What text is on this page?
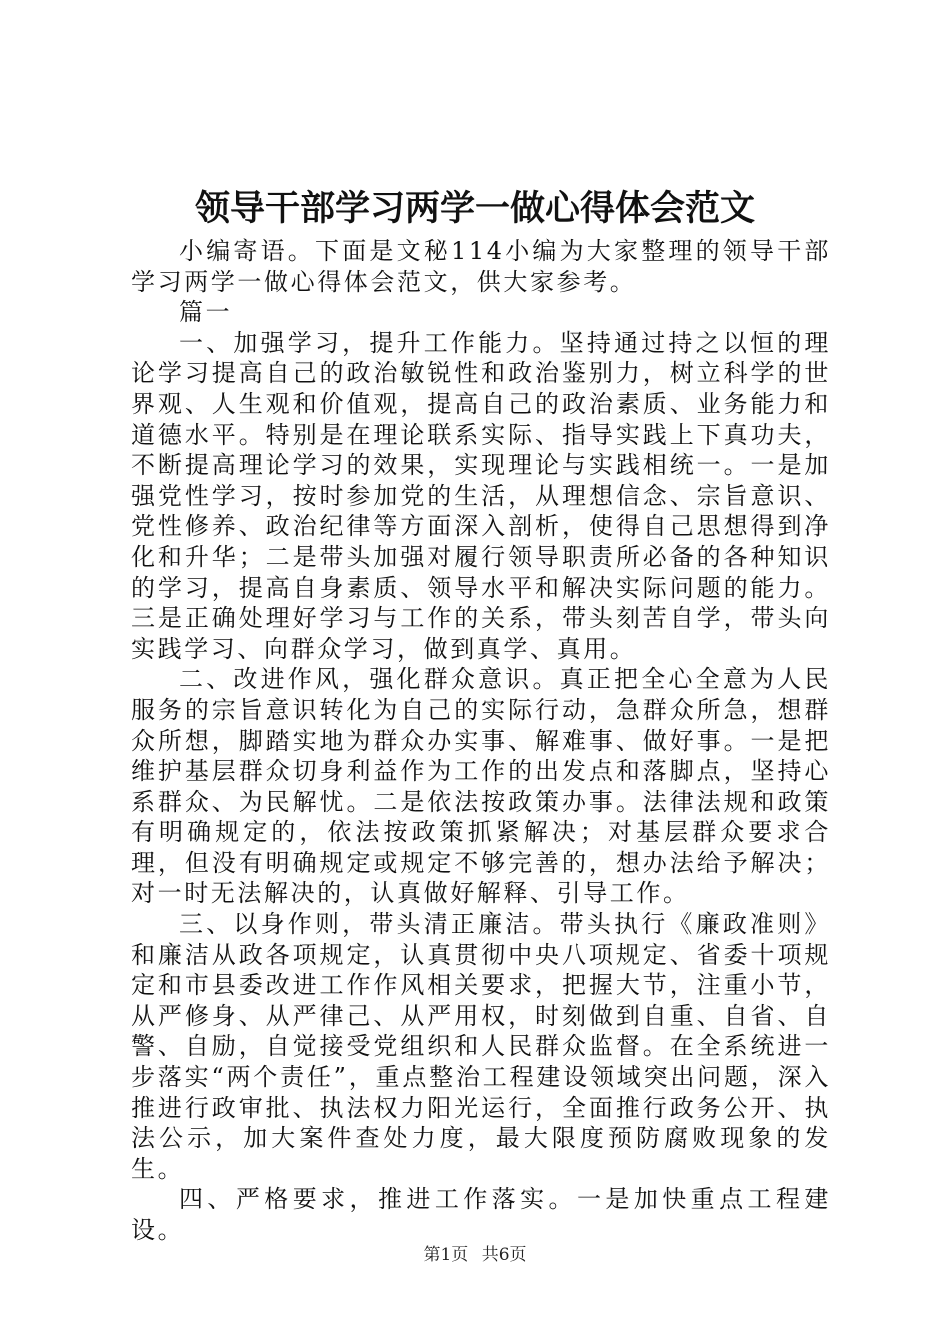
领导干部学习两学一做心得体会范文

小编寄语。下面是文秘114小编为大家整理的领导干部学习两学一做心得体会范文，供大家参考。

篇一

一、加强学习，提升工作能力。坚持通过持之以恒的理论学习提高自己的政治敏锐性和政治鉴别力，树立科学的世界观、人生观和价值观，提高自己的政治素质、业务能力和道德水平。特别是在理论联系实际、指导实践上下真功夫，不断提高理论学习的效果，实现理论与实践相统一。一是加强党性学习，按时参加党的生活，从理想信念、宗旨意识、党性修养、政治纪律等方面深入剖析，使得自己思想得到净化和升华；二是带头加强对履行领导职责所必备的各种知识的学习，提高自身素质、领导水平和解决实际问题的能力。三是正确处理好学习与工作的关系，带头刻苦自学，带头向实践学习、向群众学习，做到真学、真用。

二、改进作风，强化群众意识。真正把全心全意为人民服务的宗旨意识转化为自己的实际行动，急群众所急，想群众所想，脚踏实地为群众办实事、解难事、做好事。一是把维护基层群众切身利益作为工作的出发点和落脚点，坚持心系群众、为民解忧。二是依法按政策办事。法律法规和政策有明确规定的，依法按政策抓紧解决；对基层群众要求合理，但没有明确规定或规定不够完善的，想办法给予解决；对一时无法解决的，认真做好解释、引导工作。

三、以身作则，带头清正廉洁。带头执行《廉政准则》和廉洁从政各项规定，认真贯彻中央八项规定、省委十项规定和市县委改进工作作风相关要求，把握大节，注重小节，从严修身、从严律己、从严用权，时刻做到自重、自省、自警、自励，自觉接受党组织和人民群众监督。在全系统进一步落实“两个责任”，重点整治工程建设领域突出问题，深入推进行政审批、执法权力阳光运行，全面推行政务公开、执法公示，加大案件查处力度，最大限度预防腐败现象的发生。

四、严格要求，推进工作落实。一是加快重点工程建设。

第1页 共6页
